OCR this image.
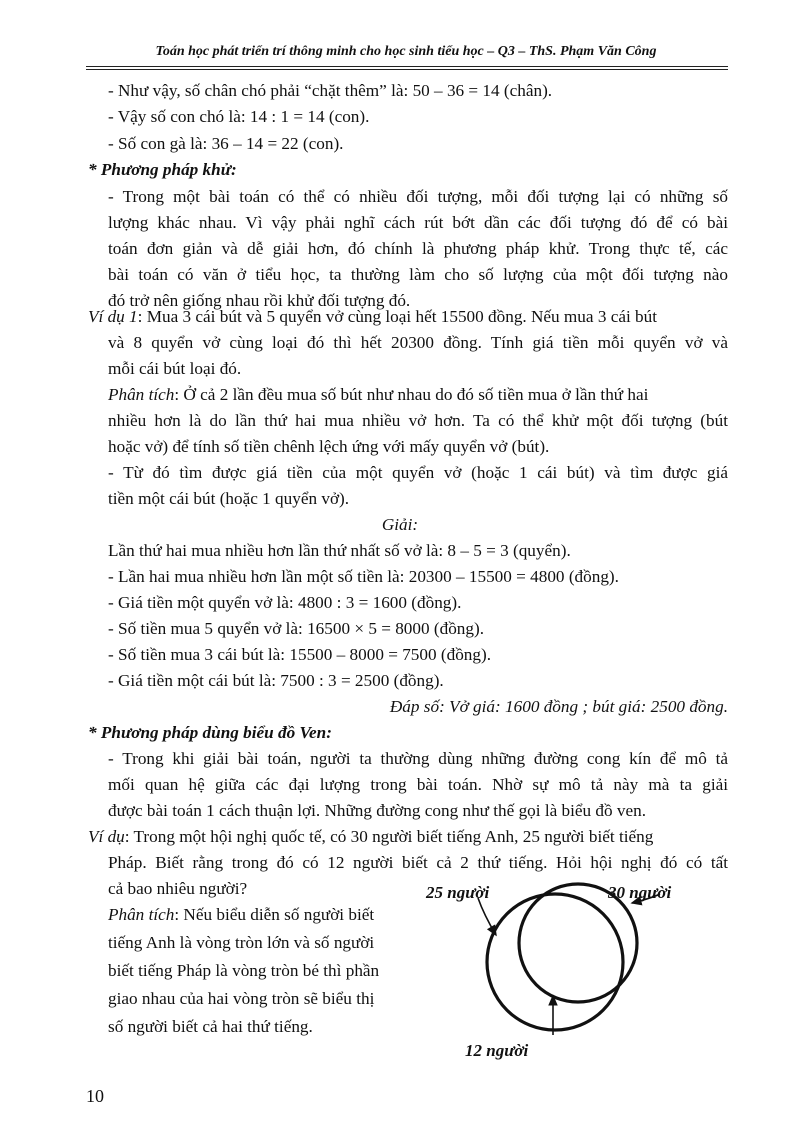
Toán học phát triển trí thông minh cho học sinh tiểu học – Q3 – ThS. Phạm Văn Công
- Như vậy, số chân chó phải “chặt thêm” là: 50 – 36 = 14 (chân).
- Vậy số con chó là: 14 : 1 = 14 (con).
- Số con gà là: 36 – 14 = 22 (con).
* Phương pháp khử:
- Trong một bài toán có thể có nhiều đối tượng, mỗi đối tượng lại có những số
lượng khác nhau. Vì vậy phải nghĩ cách rút bớt dần các đối tượng đó để có bài
toán đơn giản và dễ giải hơn, đó chính là phương pháp khử. Trong thực tế, các
bài toán có văn ở tiểu học, ta thường làm cho số lượng của một đối tượng nào
đó trở nên giống nhau rồi khử đối tượng đó.
Ví dụ 1: Mua 3 cái bút và 5 quyển vở cùng loại hết 15500 đồng. Nếu mua 3 cái bút
và 8 quyển vở cùng loại đó thì hết 20300 đồng. Tính giá tiền mỗi quyển vở và
mỗi cái bút loại đó.
Phân tích: Ở cả 2 lần đều mua số bút như nhau do đó số tiền mua ở lần thứ hai
nhiều hơn là do lần thứ hai mua nhiều vở hơn. Ta có thể khử một đối tượng (bút
hoặc vở) để tính số tiền chênh lệch ứng với mấy quyển vở (bút).
- Từ đó tìm được giá tiền của một quyển vở (hoặc 1 cái bút) và tìm được giá
tiền một cái bút (hoặc 1 quyển vở).
Giải:
Lần thứ hai mua nhiều hơn lần thứ nhất số vở là: 8 – 5 = 3 (quyển).
- Lần hai mua nhiều hơn lần một số tiền là: 20300 – 15500 = 4800 (đồng).
- Giá tiền một quyển vở là: 4800 : 3 = 1600 (đồng).
- Số tiền mua 5 quyển vở là: 16500 × 5 = 8000 (đồng).
- Số tiền mua 3 cái bút là: 15500 – 8000 = 7500 (đồng).
- Giá tiền một cái bút là: 7500 : 3 = 2500 (đồng).
Đáp số: Vở giá: 1600 đồng ; bút giá: 2500 đồng.
* Phương pháp dùng biểu đồ Ven:
- Trong khi giải bài toán, người ta thường dùng những đường cong kín để mô tả
mối quan hệ giữa các đại lượng trong bài toán. Nhờ sự mô tả này mà ta giải
được bài toán 1 cách thuận lợi. Những đường cong như thế gọi là biểu đồ ven.
Ví dụ: Trong một hội nghị quốc tế, có 30 người biết tiếng Anh, 25 người biết tiếng
Pháp. Biết rằng trong đó có 12 người biết cả 2 thứ tiếng. Hỏi hội nghị đó có tất
cả bao nhiêu người?
Phân tích: Nếu biểu diễn số người biết
tiếng Anh là vòng tròn lớn và số người
biết tiếng Pháp là vòng tròn bé thì phần
giao nhau của hai vòng tròn sẽ biểu thị
số người biết cả hai thứ tiếng.
25 người	30 người
12 người
10
